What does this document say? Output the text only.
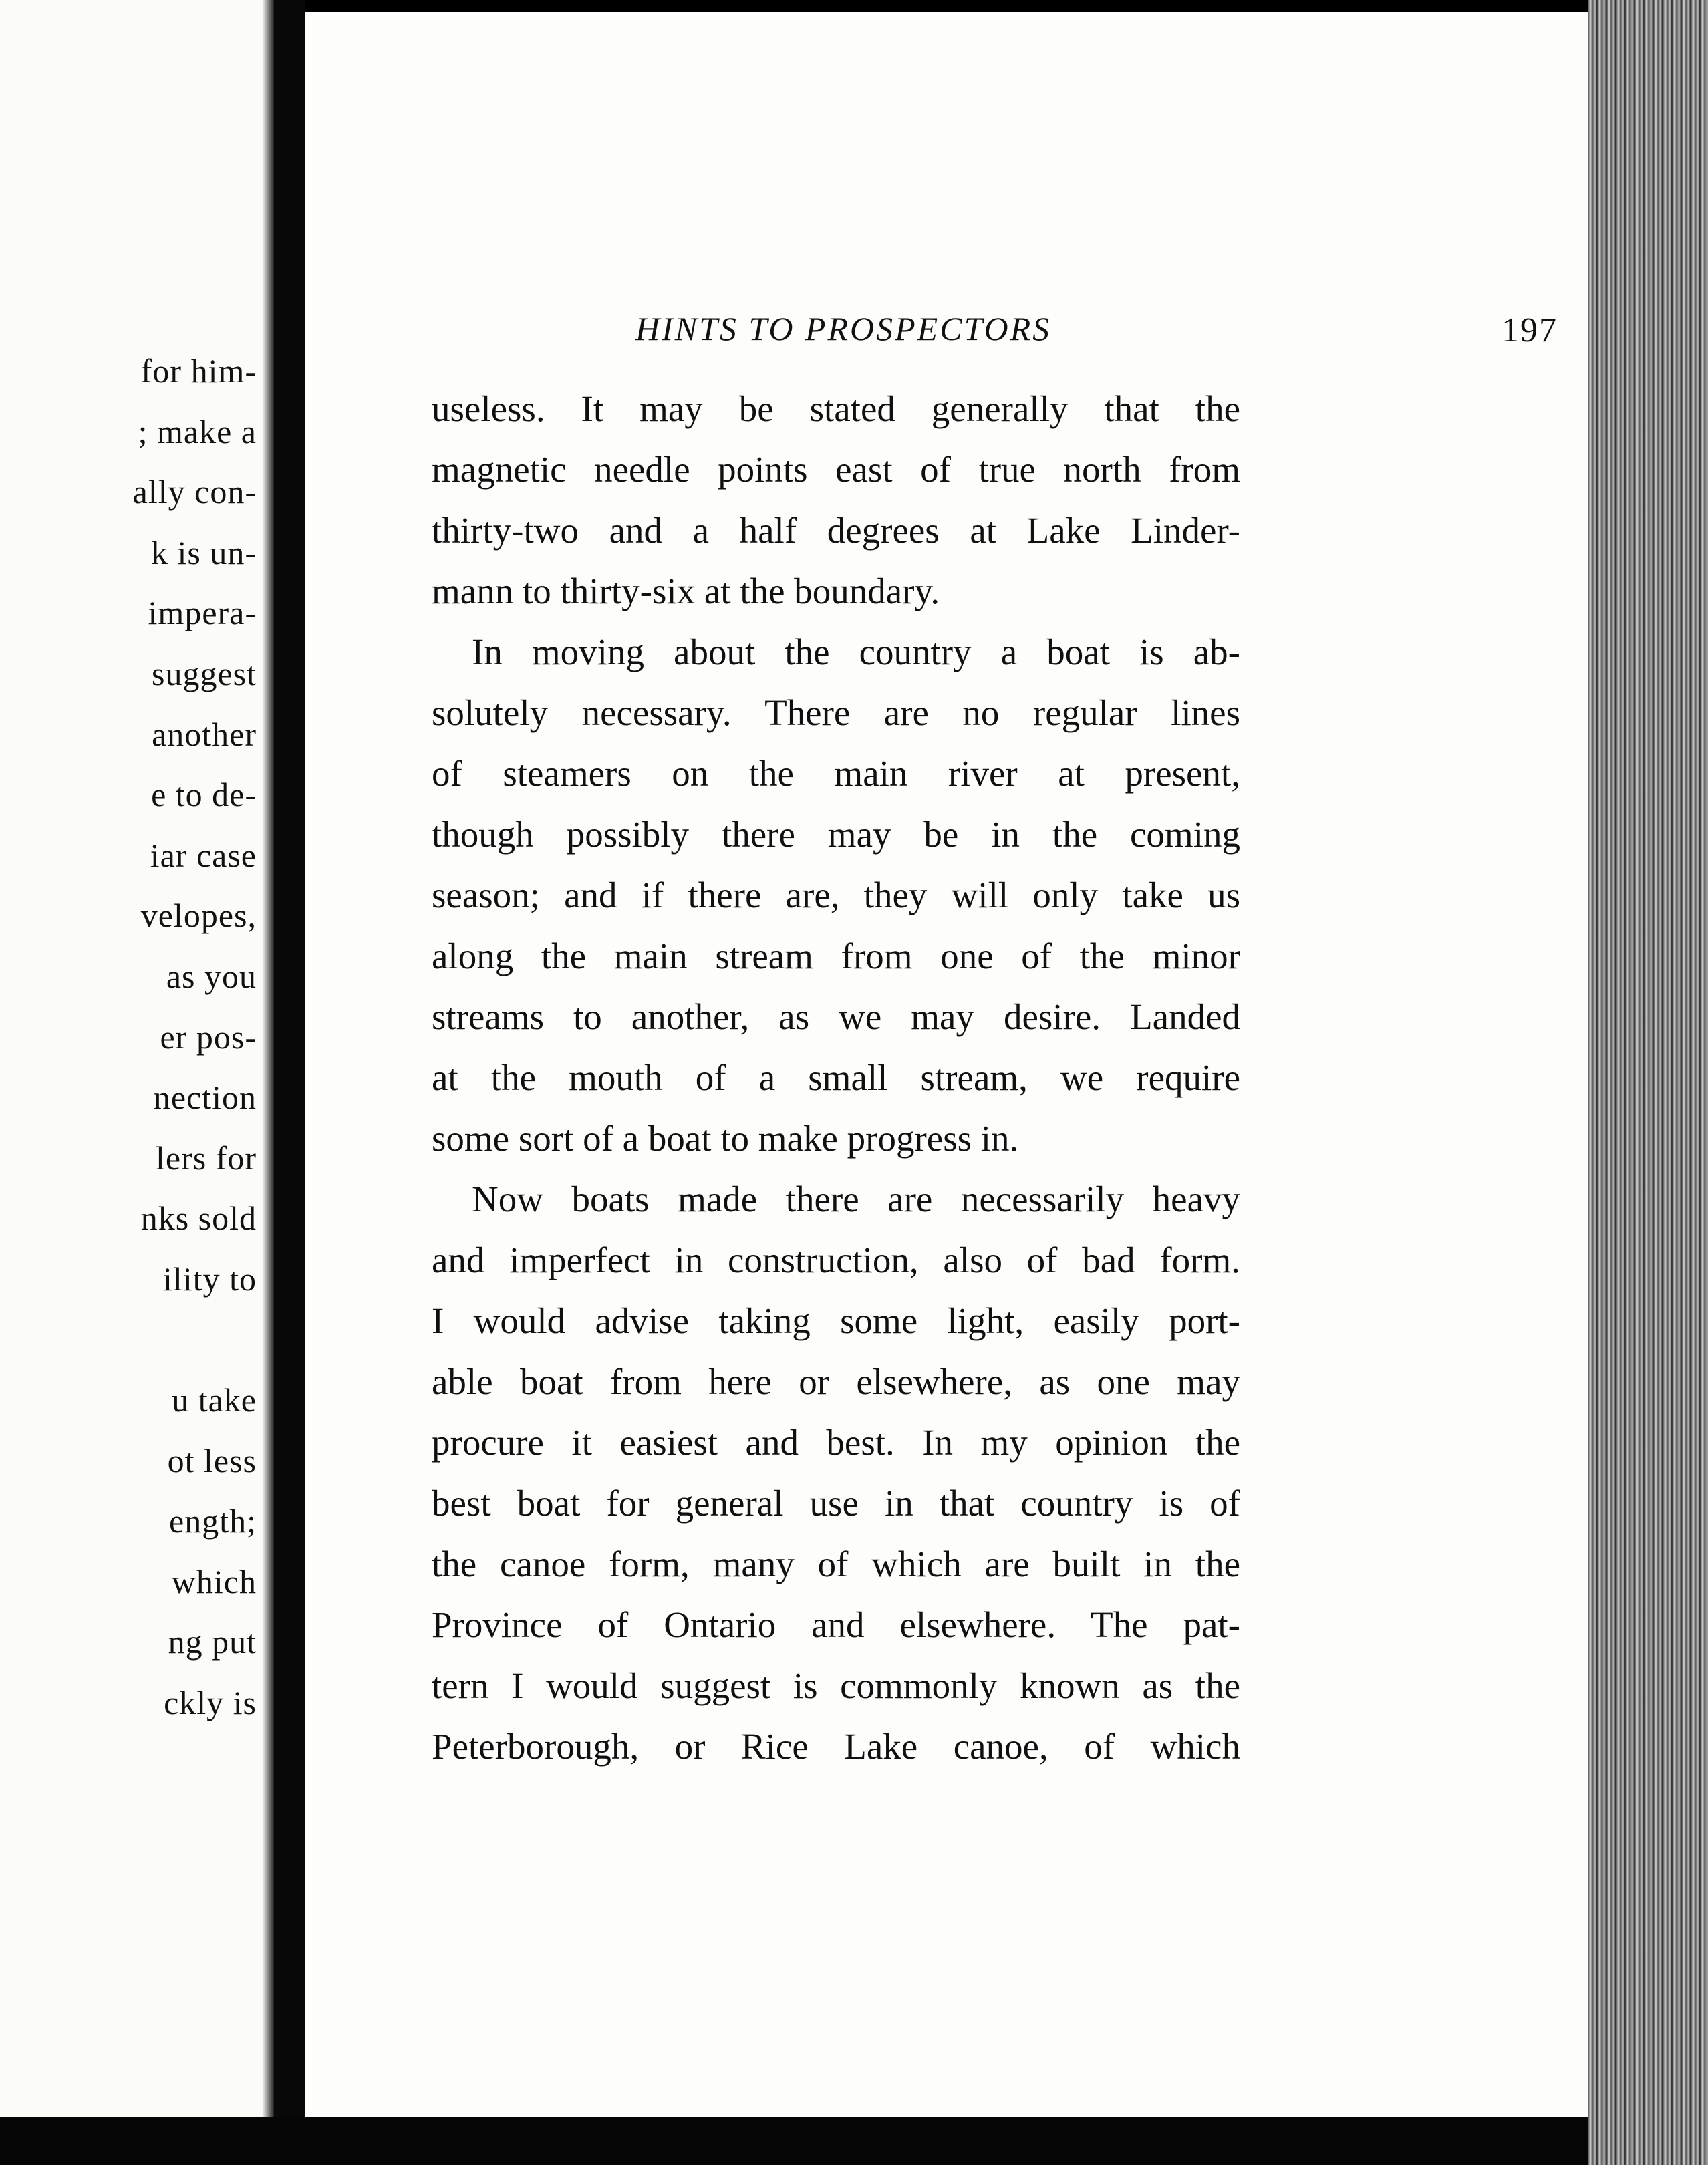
for him-
; make a
ally con-
k is un-
impera-
suggest
another
e to de-
iar case
velopes,
as you
er pos-
nection
lers for
nks sold
ility to
u take
ot less
ength;
which
ng put
ckly is
HINTS TO PROSPECTORS	197
useless. It may be stated generally that the
magnetic needle points east of true north from
thirty-two and a half degrees at Lake Linder-
mann to thirty-six at the boundary.
In moving about the country a boat is ab-
solutely necessary. There are no regular lines
of steamers on the main river at present,
though possibly there may be in the coming
season; and if there are, they will only take us
along the main stream from one of the minor
streams to another, as we may desire. Landed
at the mouth of a small stream, we require
some sort of a boat to make progress in.
Now boats made there are necessarily heavy
and imperfect in construction, also of bad form.
I would advise taking some light, easily port-
able boat from here or elsewhere, as one may
procure it easiest and best. In my opinion the
best boat for general use in that country is of
the canoe form, many of which are built in the
Province of Ontario and elsewhere. The pat-
tern I would suggest is commonly known as the
Peterborough, or Rice Lake canoe, of which
